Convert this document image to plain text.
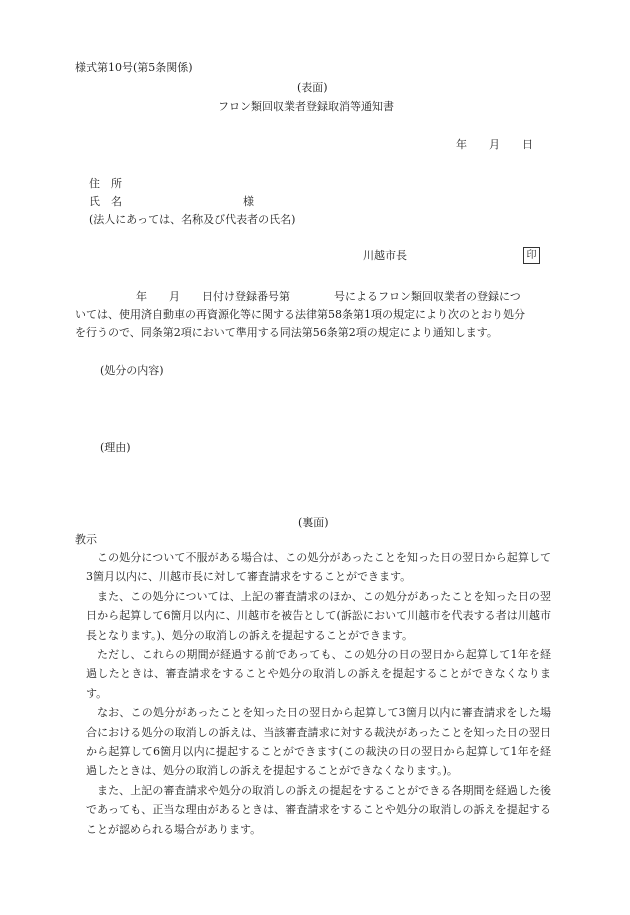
様式第10号(第5条関係)
(表面)
フロン類回収業者登録取消等通知書
年　　月　　日
住　所
氏　名	様
(法人にあっては、名称及び代表者の氏名)
川越市長	印
年　　月　　日付け登録番号第　　　　号によるフロン類回収業者の登録につ
いては、使用済自動車の再資源化等に関する法律第58条第1項の規定により次のとおり処分
を行うので、同条第2項において準用する同法第56条第2項の規定により通知します。
(処分の内容)
(理由)
(裏面)
教示

この処分について不服がある場合は、この処分があったことを知った日の翌日から起算して3箇月以内に、川越市長に対して審査請求をすることができます。

また、この処分については、上記の審査請求のほか、この処分があったことを知った日の翌日から起算して6箇月以内に、川越市を被告として(訴訟において川越市を代表する者は川越市長となります。)、処分の取消しの訴えを提起することができます。

ただし、これらの期間が経過する前であっても、この処分の日の翌日から起算して1年を経過したときは、審査請求をすることや処分の取消しの訴えを提起することができなくなります。

なお、この処分があったことを知った日の翌日から起算して3箇月以内に審査請求をした場合における処分の取消しの訴えは、当該審査請求に対する裁決があったことを知った日の翌日から起算して6箇月以内に提起することができます(この裁決の日の翌日から起算して1年を経過したときは、処分の取消しの訴えを提起することができなくなります。)。

また、上記の審査請求や処分の取消しの訴えの提起をすることができる各期間を経過した後であっても、正当な理由があるときは、審査請求をすることや処分の取消しの訴えを提起することが認められる場合があります。
